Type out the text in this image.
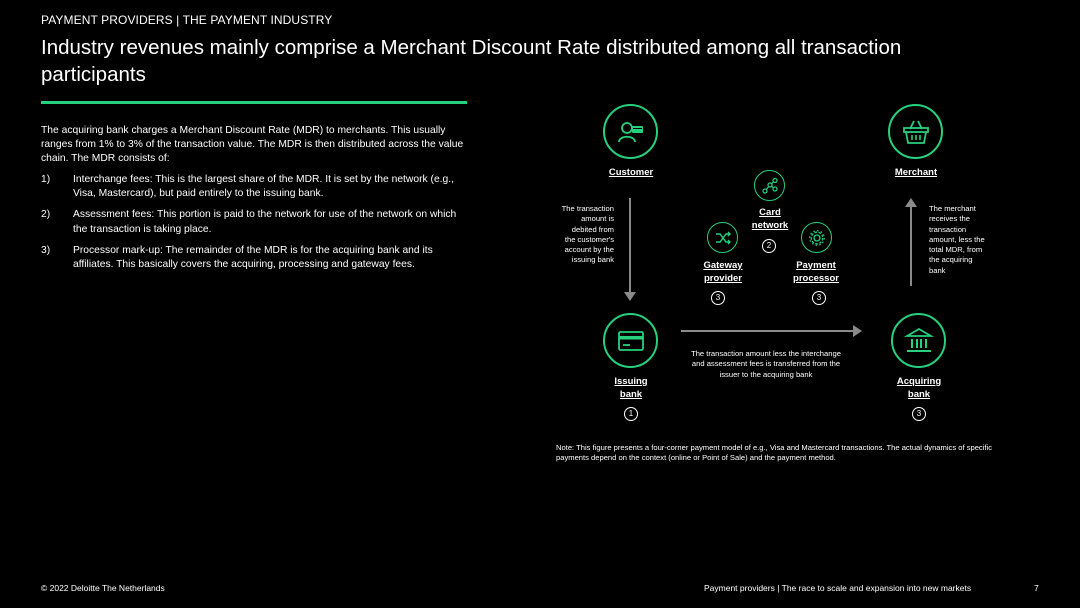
PAYMENT PROVIDERS | THE PAYMENT INDUSTRY
Industry revenues mainly comprise a Merchant Discount Rate distributed among all transaction participants
The acquiring bank charges a Merchant Discount Rate (MDR) to merchants. This usually ranges from 1% to 3% of the transaction value. The MDR is then distributed across the value chain. The MDR consists of:
1)	Interchange fees: This is the largest share of the MDR. It is set by the network (e.g., Visa, Mastercard), but paid entirely to the issuing bank.
2)	Assessment fees: This portion is paid to the network for use of the network on which the transaction is taking place.
3)	Processor mark-up: The remainder of the MDR is for the acquiring bank and its affiliates. This basically covers the acquiring, processing and gateway fees.
Customer	Merchant
Issuing
bank
1
Acquiring
bank
3
Card
network
2
Gateway
provider
3
Payment
processor
3
The transaction
amount is
debited from
the customer's
account by the
issuing bank
The merchant
receives the
transaction
amount, less the
total MDR, from
the acquiring
bank
The transaction amount less the interchange
and assessment fees is transferred from the
issuer to the acquiring bank
Note: This figure presents a four-corner payment model of e.g., Visa and Mastercard transactions. The actual dynamics of specific
payments depend on the context (online or Point of Sale) and the payment method.
© 2022 Deloitte The Netherlands	Payment providers | The race to scale and expansion into new markets	7
